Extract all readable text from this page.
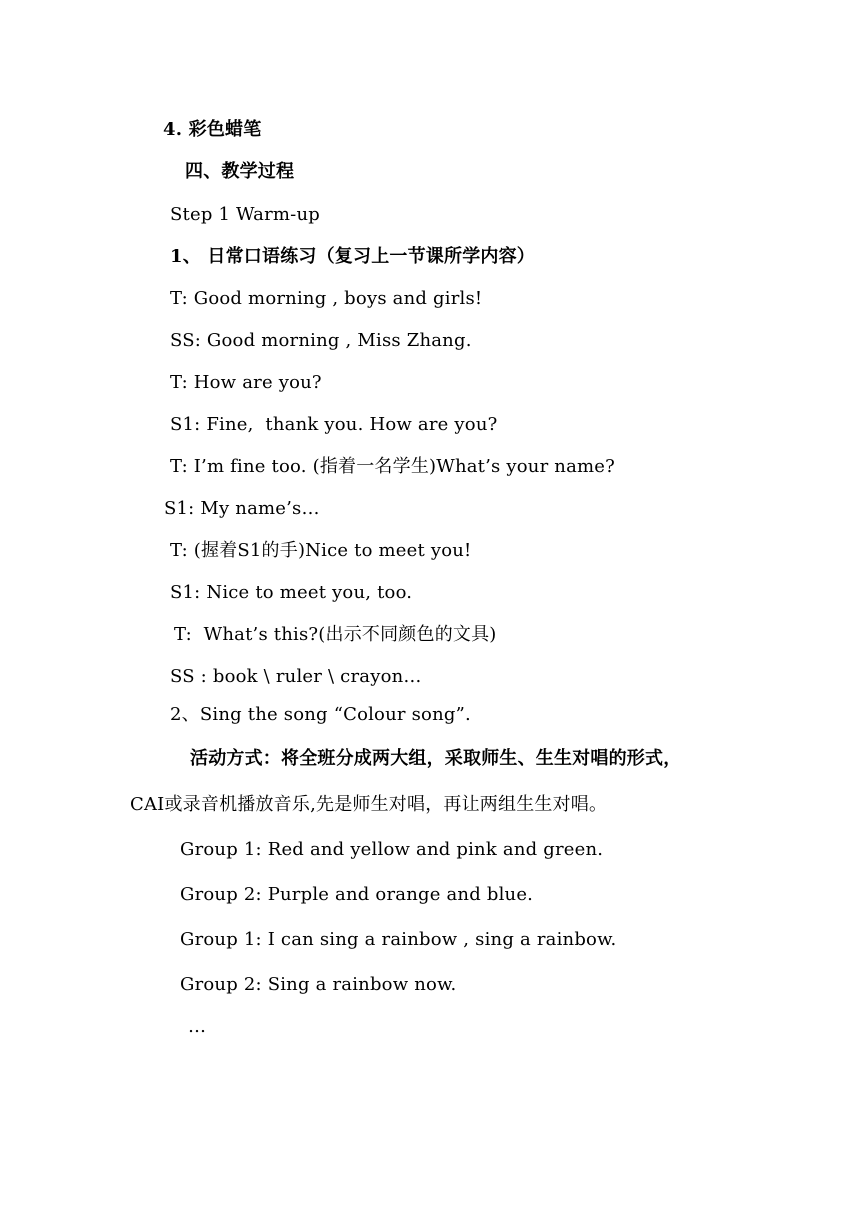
4. 彩色蜡笔
四、教学过程
Step 1 Warm-up
1、 日常口语练习（复习上一节课所学内容）
T: Good morning , boys and girls!
SS: Good morning , Miss Zhang.
T: How are you?
S1: Fine,  thank you. How are you?
T: I’m fine too. (指着一名学生)What’s your name?
S1: My name’s…
T: (握着S1的手)Nice to meet you!
S1: Nice to meet you, too.
T:  What’s this?(出示不同颜色的文具)
SS : book \ ruler \ crayon…
2、Sing the song “Colour song”.
活动方式：将全班分成两大组，采取师生、生生对唱的形式，
CAI或录音机播放音乐,先是师生对唱，再让两组生生对唱。
Group 1: Red and yellow and pink and green.
Group 2: Purple and orange and blue.
Group 1: I can sing a rainbow , sing a rainbow.
Group 2: Sing a rainbow now.
…
